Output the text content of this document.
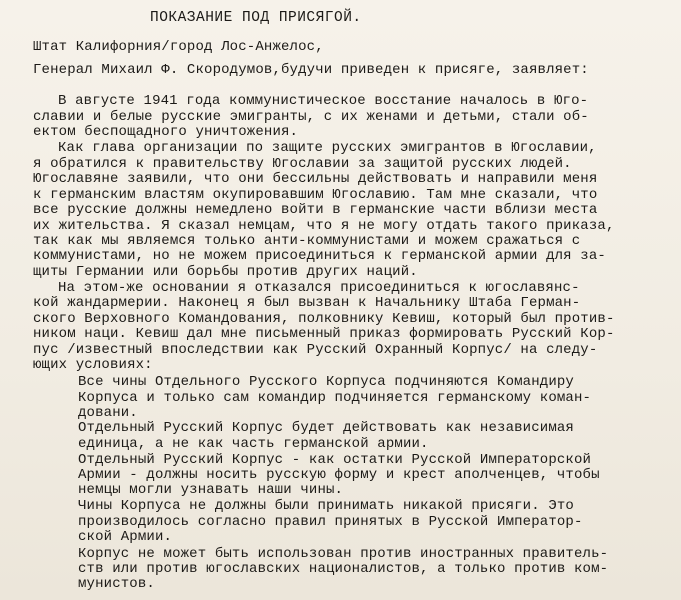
ПОКАЗАНИЕ ПОД ПРИСЯГОЙ.
Штат Калифорния/город Лос-Анжелос,
Генерал Михаил Ф. Скородумов,будучи приведен к присяге, заявляет:
В августе 1941 года коммунистическое восстание началось в Юго-
славии и белые русские эмигранты, с их женами и детьми, стали об-
ектом беспощадного уничтожения.
Как глава организации по защите русских эмигрантов в Югославии,
я обратился к правительству Югославии за защитой русских людей.
Югославяне заявили, что они бессильны действовать и направили меня
к германским властям окупировавшим Югославию. Там мне сказали, что
все русские должны немедлено войти в германские части вблизи места
их жительства. Я сказал немцам, что я не могу отдать такого приказа,
так как мы являемся только анти-коммунистами и можем сражаться с
коммунистами, но не можем присоединиться к германской армии для за-
щиты Германии или борьбы против других наций.
На этом-же основании я отказался присоединиться к югославянс-
кой жандармерии. Наконец я был вызван к Начальнику Штаба Герман-
ского Верховного Командования, полковнику Кевиш, который был против-
ником наци. Кевиш дал мне письменный приказ формировать Русский Кор-
пус /известный впоследствии как Русский Охранный Корпус/ на следу-
ющих условиях:
Все чины Отдельного Русского Корпуса подчиняются Командиру
Корпуса и только сам командир подчиняется германскому коман-
довани.
Отдельный Русский Корпус будет действовать как независимая
единица, а не как часть германской армии.
Отдельный Русский Корпус - как остатки Русской Императорской
Армии - должны носить русскую форму и крест аполченцев, чтобы
немцы могли узнавать наши чины.
Чины Корпуса не должны были принимать никакой присяги. Это
производилось согласно правил принятых в Русской Император-
ской Армии.
Корпус не может быть использован против иностранных правитель-
ств или против югославских националистов, а только против ком-
мунистов.
